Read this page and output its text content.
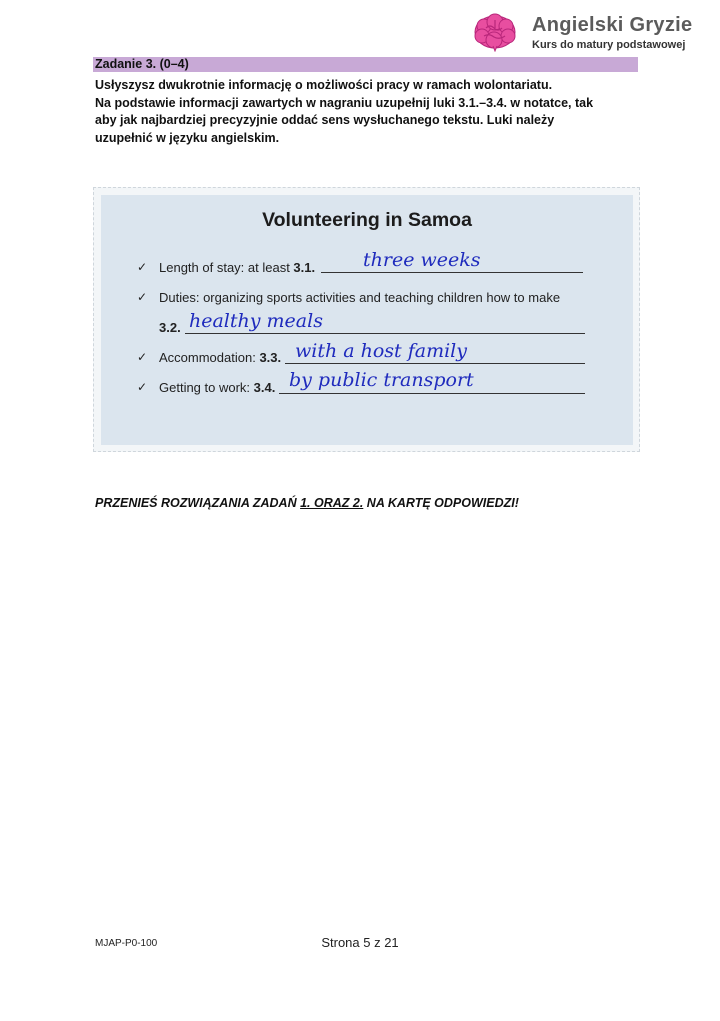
Angielski Gryzie
Kurs do matury podstawowej
Zadanie 3. (0–4)

Usłyszysz dwukrotnie informację o możliwości pracy w ramach wolontariatu.

Na podstawie informacji zawartych w nagraniu uzupełnij luki 3.1.–3.4. w notatce, tak

aby jak najbardziej precyzyjnie oddać sens wysłuchanego tekstu. Luki należy

uzupełnić w języku angielskim.

Volunteering in Samoa
✓ Length of stay: at least 3.1.	three weeks
✓ Duties: organizing sports activities and teaching children how to make
3.2. healthy meals
✓ Accommodation: 3.3. with a host family
✓ Getting to work: 3.4. by public transport
PRZENIEŚ ROZWIĄZANIA ZADAŃ 1. ORAZ 2. NA KARTĘ ODPOWIEDZI!
MJAP-P0-100	Strona 5 z 21
